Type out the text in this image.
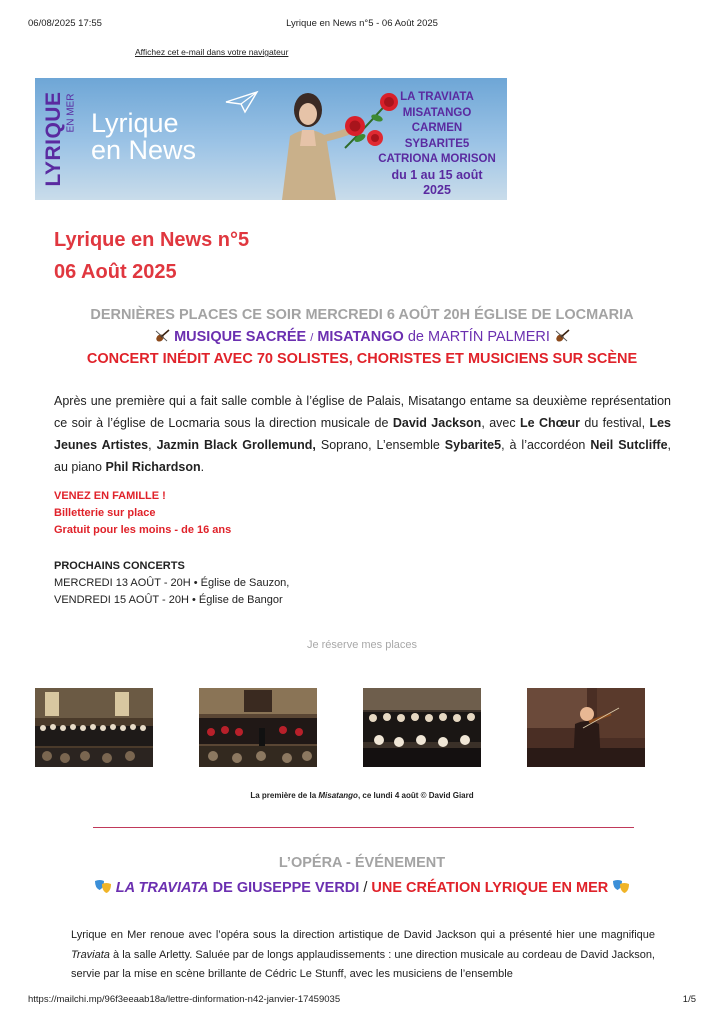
06/08/2025 17:55	Lyrique en News n°5 - 06 Août 2025
Affichez cet e-mail dans votre navigateur
LYRIQUE EN MER Lyrique
en News
LA TRAVIATA
MISATANGO
CARMEN
SYBARITE5
CATRIONA MORISON
du 1 au 15 août 2025
Lyrique en News n°5
06 Août 2025
DERNIÈRES PLACES CE SOIR MERCREDI 6 AOÛT 20H ÉGLISE DE LOCMARIA
MUSIQUE SACRÉE / MISATANGO de MARTÍN PALMERI
CONCERT INÉDIT AVEC 70 SOLISTES, CHORISTES ET MUSICIENS SUR SCÈNE
Après une première qui a fait salle comble à l’église de Palais, Misatango entame sa deuxième représentation ce soir à l’église de Locmaria sous la direction musicale de David Jackson, avec Le Chœur du festival, Les Jeunes Artistes, Jazmin Black Grollemund, Soprano, L’ensemble Sybarite5, à l’accordéon Neil Sutcliffe, au piano Phil Richardson.
VENEZ EN FAMILLE !
Billetterie sur place
Gratuit pour les moins - de 16 ans
PROCHAINS CONCERTS
MERCREDI 13 AOÛT - 20H • Église de Sauzon,
VENDREDI 15 AOÛT - 20H • Église de Bangor
Je réserve mes places
La première de la Misatango, ce lundi 4 août © David Giard
L’OPÉRA - ÉVÉNEMENT
LA TRAVIATA DE GIUSEPPE VERDI / UNE CRÉATION LYRIQUE EN MER
Lyrique en Mer renoue avec l’opéra sous la direction artistique de David Jackson qui a présenté hier une magnifique Traviata à la salle Arletty. Saluée par de longs applaudissements : une direction musicale au cordeau de David Jackson, servie par la mise en scène brillante de Cédric Le Stunff, avec les musiciens de l’ensemble
https://mailchi.mp/96f3eeaab18a/lettre-dinformation-n42-janvier-17459035	1/5
